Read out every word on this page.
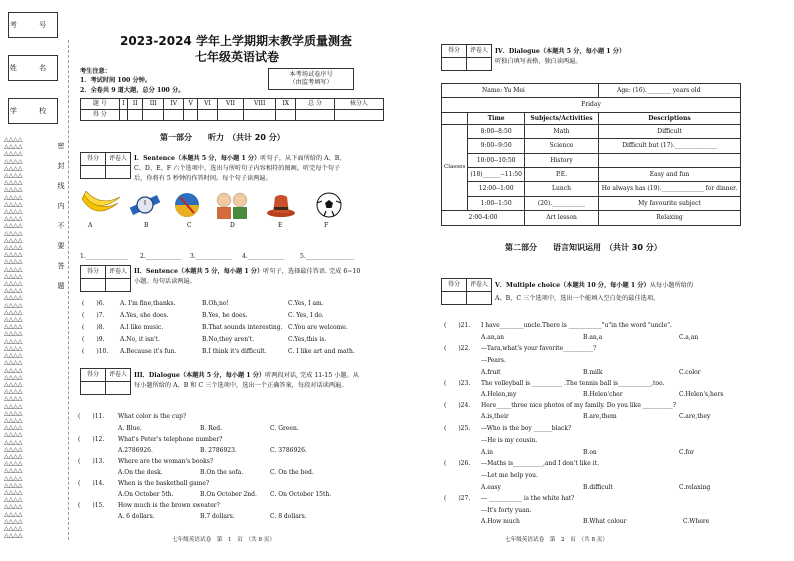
考 号
姓 名
学 校
△△△△
△△△△
△△△△
△△△△
△△△△
△△△△
△△△△
△△△△
△△△△
△△△△
△△△△
△△△△
△△△△
△△△△
△△△△
△△△△
△△△△
△△△△
△△△△
△△△△
△△△△
△△△△
△△△△
△△△△
△△△△
△△△△
△△△△
△△△△
△△△△
△△△△
△△△△
△△△△
△△△△
△△△△
△△△△
△△△△
△△△△
△△△△
△△△△
△△△△
△△△△
△△△△
△△△△
△△△△
△△△△
△△△△
△△△△
△△△△
△△△△
△△△△
△△△△
△△△△
△△△△
△△△△
△△△△
△△△△

密
封
线
内
不
要
答
题
2023-2024 学年上学期期末教学质量测查
七年级英语试卷
考生注意：
1．考试时间 100 分钟。
2．全卷共 9 道大题，总分 100 分。
本考场试卷序号
（由监考填写）
题 号	I	II	III	IV	V	VI	VII	VIII	IX	总 分	核分人
得 分											
第一部分　　听力　（共计 20 分）
得分	评卷人
	I．Sentence（本题共 5 分，每小题 1 分）听句子，从下面所给的 A、B、
C、D、E、F 六个选项中，选出与所听句子内容相符的图画。听完每个句子
后，你将有 5 秒钟的作答时间。每个句子读两遍。
A	B	C	D	E	F
1.______________ 2.____________ 3.____________ 4.____________	5.________________
得分	评卷人
	II．Sentence（本题共 5 分，每小题 1 分）听句子，选择最佳答语. 完成 6~10
小题。每句话读两遍。
(　　)6.	A. I'm fine,thanks.	B.Oh,no!	C.Yes, I am.
(　　)7.	A.Yes, she does.	B.Yes, he does.	C. Yes, I do.
(　　)8.	A.I like music.	B.That sounds interesting. C.You are welcome.
(　　)9.	A.No, it isn't.	B.No,they aren't.	C.Yes,this is.
(　　)10. A.Because it's fun.	B.I think it's difficult.	C. I like art and math.
得分	评卷人
	III．Dialogue（本题共 5 分，每小题 1 分）听两段对话, 完成 11-15 小题。从
每小题所给的 A、B 和 C 三个选项中，选出一个正确答案，每段对话读两遍。
(　　)11. What color is the cup?
A. Blue.	B. Red.	C. Green.
(　　)12. What's Peter's telephone number?
A.2786926.	B. 2786923.	C. 3786926.
(　　)13. Where are the woman's books?
A.On the desk.	B.On the sofa.	C. On the bed.
(　　)14. When is the basketball game?
A.On October 5th.	B.On October 2nd. C. On October 15th.
(　　)15. How much is the brown sweater?
A. 6 dollars.	B.7 dollars.	C. 8 dollars.
七年级英语试卷　第　1　页　（共 8 页）
得分	评卷人
	IV．Dialogue（本题共 5 分，每小题 1 分）
听独白填写表格，独白读两遍。
Name: Yu Mei			Age: (16).________ years old
Friday			
	Time	Subjects/Activities	Descriptions
Classes	8:00--8:50	Math	Difficult
	9:00--9:50	Science	Difficult but (17).______________
	10:00--10:50	History	
	(18)______--11:50	P.E.	Easy and fun
	12:00--1:00	Lunch	He always has (19).______________ for dinner.
	1:00--1:50	(20).___________	My favourite subject
2:00-4:00		Art lesson	Relaxing
第二部分　　语言知识运用　（共计 30 分）
得分	评卷人
	V．Multiple choice（本题共 10 分，每小题 1 分）从每小题所给的
A、B、C 三个选项中，选出一个能填入空白处的最佳选项。
(　　)21. I have________uncle.There is ___________"u"in the word "uncle".
A.an,an	B.an,a	C.a,an
(　　)22. ---Tara,what's your favorite__________?
---Pears.
A.fruit	B.milk	C.color
(　　)23. The volleyball is __________ .The tennis ball is___________,too.
A.Helen,my	B.Helen'cher	C.Helen's,hers
(　　)24. Here_____three nice photos of my family. Do you like __________?
A.is,their	B.are,them	C.are,they
(　　)25. ---Who is the boy ______black?
---He is my cousin.
A.in	B.on	C.for
(　　)26. ---Maths is__________,and I don't like it.
---Let me help you.
A.easy	B.difficult	C.relaxing
(　　)27. --- ___________ is the white hat?
---It's forty yuan.
A.How much	B.What colour	C.Where
七年级英语试卷　第　2　页　（共 8 页）
